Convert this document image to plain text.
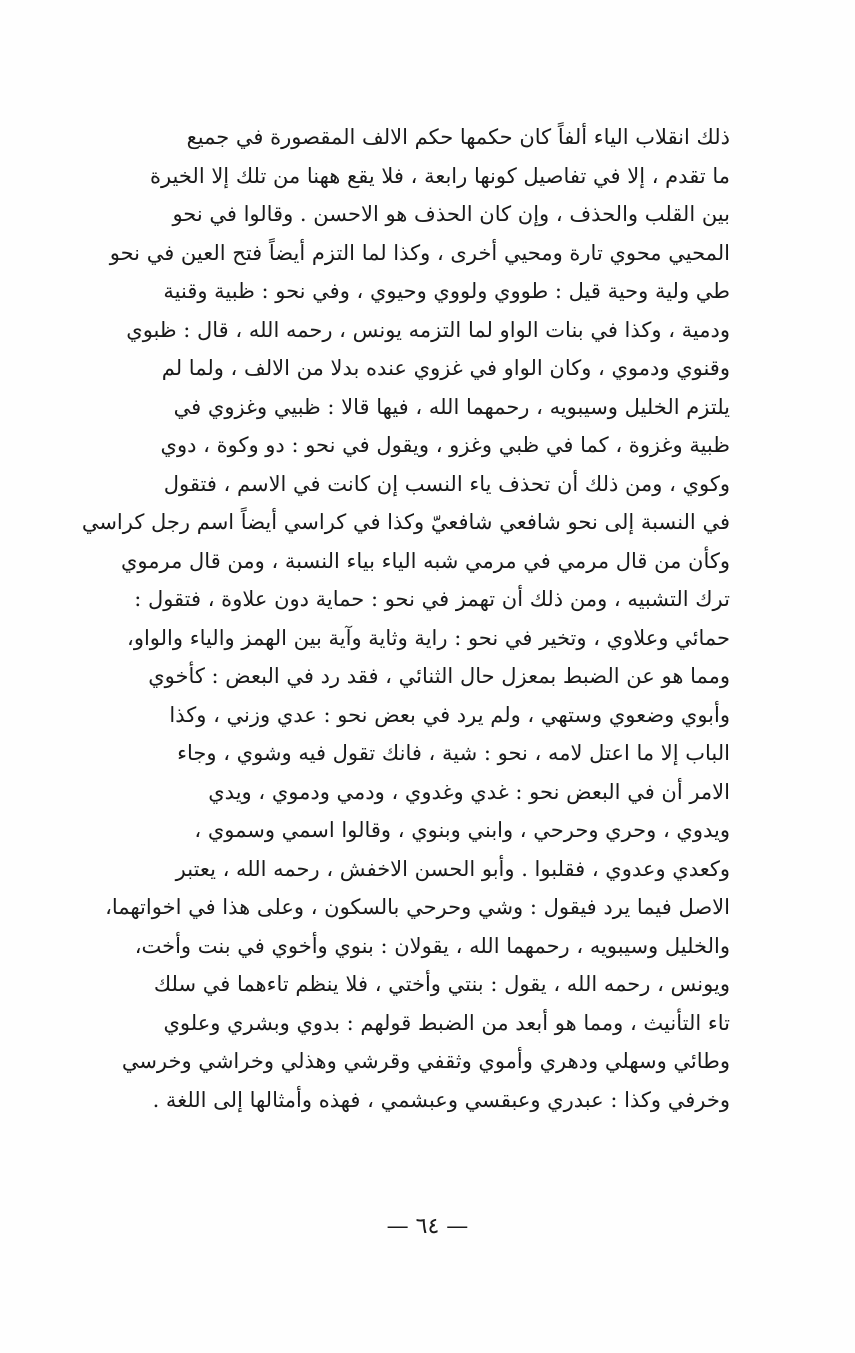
ذلك انقلاب الياء ألفاً كان حكمها حكم الالف المقصورة في جميع
ما تقدم ، إلا في تفاصيل كونها رابعة ، فلا يقع ههنا من تلك إلا الخيرة
بين القلب والحذف ، وإن كان الحذف هو الاحسن . وقالوا في نحو
المحيي محوي تارة ومحيي أخرى ، وكذا لما التزم أيضاً فتح العين في نحو
طي ولية وحية قيل : طووي ولووي وحيوي ، وفي نحو : ظبية وقنية
ودمية ، وكذا في بنات الواو لما التزمه يونس ، رحمه الله ، قال : ظبوي
وقنوي ودموي ، وكان الواو في غزوي عنده بدلا من الالف ، ولما لم
يلتزم الخليل وسيبويه ، رحمهما الله ، فيها قالا : ظبيي وغزوي في
ظبية وغزوة ، كما في ظبي وغزو ، ويقول في نحو : دو وكوة ، دوي
وكوي ، ومن ذلك أن تحذف ياء النسب إن كانت في الاسم ، فتقول
في النسبة إلى نحو شافعي شافعيّ وكذا في كراسي أيضاً اسم رجل كراسي
وكأن من قال مرمي في مرمي شبه الياء بياء النسبة ، ومن قال مرموي
ترك التشبيه ، ومن ذلك أن تهمز في نحو : حماية دون علاوة ، فتقول :
حمائي وعلاوي ، وتخير في نحو : راية وثاية وآية بين الهمز والياء والواو،
ومما هو عن الضبط بمعزل حال الثنائي ، فقد رد في البعض : كأخوي
وأبوي وضعوي وستهي ، ولم يرد في بعض نحو : عدي وزني ، وكذا
الباب إلا ما اعتل لامه ، نحو : شية ، فانك تقول فيه وشوي ، وجاء
الامر أن في البعض نحو : غدي وغدوي ، ودمي ودموي ، ويدي
ويدوي ، وحري وحرحي ، وابني وبنوي ، وقالوا اسمي وسموي ،
وكعدي وعدوي ، فقلبوا . وأبو الحسن الاخفش ، رحمه الله ، يعتبر
الاصل فيما يرد فيقول : وشي وحرحي بالسكون ، وعلى هذا في اخواتهما،
والخليل وسيبويه ، رحمهما الله ، يقولان : بنوي وأخوي في بنت وأخت،
ويونس ، رحمه الله ، يقول : بنتي وأختي ، فلا ينظم تاءهما في سلك
تاء التأنيث ، ومما هو أبعد من الضبط قولهم : بدوي وبشري وعلوي
وطائي وسهلي ودهري وأموي وثقفي وقرشي وهذلي وخراشي وخرسي
وخرفي وكذا : عبدري وعبقسي وعبشمي ، فهذه وأمثالها إلى اللغة .
— ٦٤ —
